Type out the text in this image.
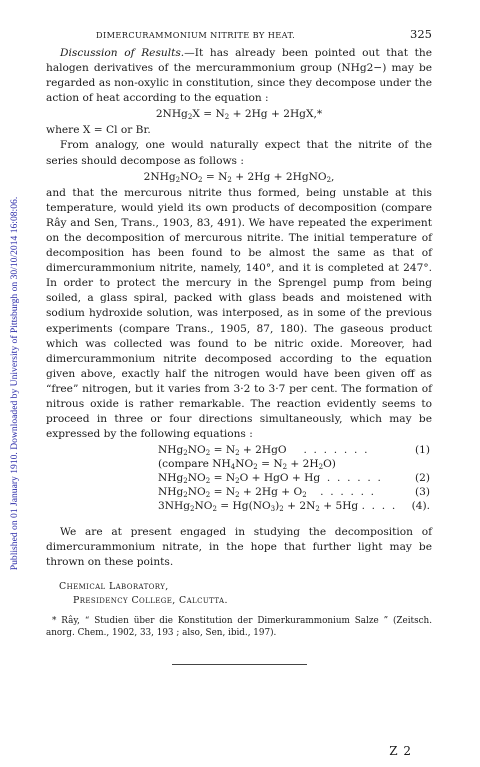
Published on 01 January 1910. Downloaded by University of Pittsburgh on 30/10/2014 16:08:06.
DIMERCURAMMONIUM NITRITE BY HEAT.	325

Discussion of Results.—It has already been pointed out that the halogen derivatives of the mercurammonium group (NHg2−) may be regarded as non-oxylic in constitution, since they decompose under the action of heat according to the equation :

$2NHg_2X = N_2 + 2Hg + 2HgX,*$

where X = Cl or Br.

From analogy, one would naturally expect that the nitrite of the series should decompose as follows :

$2NHg_2NO_2 = N_2 + 2Hg$ + 2HgNO$_2$,

and that the mercurous nitrite thus formed, being unstable at this temperature, would yield its own products of decomposition (compare Rây and Sen, Trans., 1903, 83, 491). We have repeated the experiment on the decomposition of mercurous nitrite. The initial temperature of decomposition has been found to be almost the same as that of dimercurammonium nitrite, namely, 140°, and it is completed at 247°. In order to protect the mercury in the Sprengel pump from being soiled, a glass spiral, packed with glass beads and moistened with sodium hydroxide solution, was interposed, as in some of the previous experiments (compare Trans., 1905, 87, 180). The gaseous product which was collected was found to be nitric oxide. Moreover, had dimercurammonium nitrite decomposed according to the equation given above, exactly half the nitrogen would have been given off as “free” nitrogen, but it varies from 3·2 to 3·7 per cent. The formation of nitrous oxide is rather remarkable. The reaction evidently seems to proceed in three or four directions simultaneously, which may be expressed by the following equations :

$NHg_2NO_2 = N_2 + 2HgO$     .  .  .  .  .  .  .	(1)
(compare $NH_4NO_2 = N_2 + 2H_2O$)
$NHg_2NO_2 = N_2O$ + HgO + Hg  .  .  .  .  .  .	(2)
$NHg_2NO_2 = N_2 + 2Hg + O_2$    .  .  .  .  .  .	(3)
$3NHg_2NO_2 = Hg(NO_3)_2 + 2N_2 + 5Hg$ .  .  .  .	(4).

We are at present engaged in studying the decomposition of dimercurammonium nitrate, in the hope that further light may be thrown on these points.

Chemical Laboratory,
Presidency College, Calcutta.

* Rây, “ Studien über die Konstitution der Dimerkurammonium Salze ” (Zeitsch. anorg. Chem., 1902, 33, 193 ; also, Sen, ibid., 197).

Z 2
